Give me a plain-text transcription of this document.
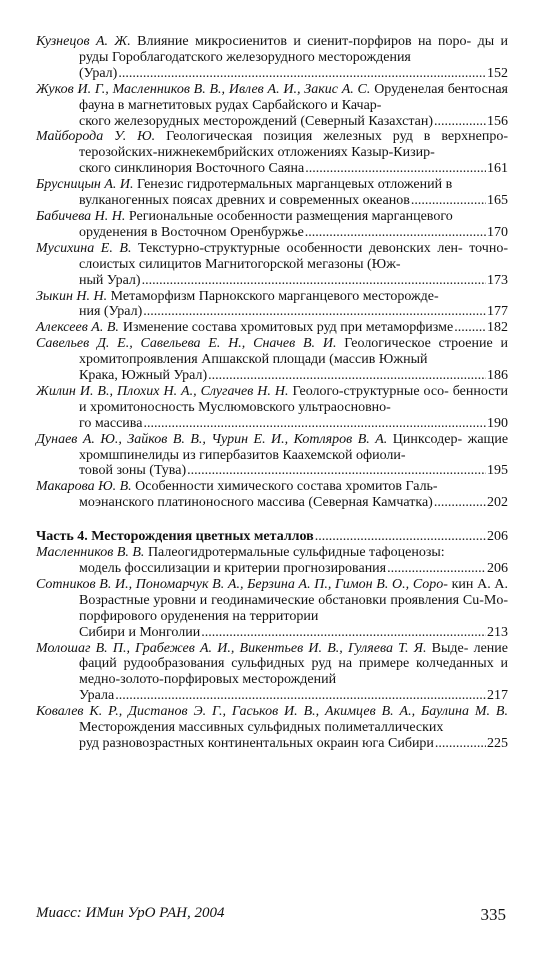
Кузнецов А. Ж. Влияние микросиенитов и сиенит-порфиров на поро- ды и руды Гороблагодатского железорудного месторождения
(Урал) .....	152
Жуков И. Г., Масленников В. В., Ивлев А. И., Закис А. С. Оруденелая бентосная фауна в магнетитовых рудах Сарбайского и Качар-
ского железорудных месторождений (Северный Казахстан) .....	156
Майборода У. Ю. Геологическая позиция железных руд в верхнепро- терозойских-нижнекембрийских отложениях Казыр-Кизир-
ского синклинория Восточного Саяна .....	161
Брусницын А. И. Генезис гидротермальных марганцевых отложений в
вулканогенных поясах древних и современных океанов .....	165
Бабичева Н. Н. Региональные особенности размещения марганцевого
оруденения в Восточном Оренбуржье .....	170
Мусихина Е. В. Текстурно-структурные особенности девонских лен- точно-слоистых силицитов Магнитогорской мегазоны (Юж-
ный Урал) .....	173
Зыкин Н. Н. Метаморфизм Парнокского марганцевого месторожде-
ния (Урал) .....	177
Алексеев А. В. Изменение состава хромитовых руд при метаморфизме ..... 182
Савельев Д. Е., Савельева Е. Н., Сначев В. И. Геологическое строение и хромитопроявления Апшакской площади (массив Южный
Крака, Южный Урал) .....	186
Жилин И. В., Плохих Н. А., Слугачев Н. Н. Геолого-структурные осо- бенности и хромитоносность Муслюмовского ультраосновно-
го массива .....	190
Дунаев А. Ю., Зайков В. В., Чурин Е. И., Котляров В. А. Цинксодер- жащие хромшпинелиды из гипербазитов Каахемской офиоли-
товой зоны (Тува) .....	195
Макарова Ю. В. Особенности химического состава хромитов Галь-
моэнанского платиноносного массива (Северная Камчатка) .....	202
Часть 4. Месторождения цветных металлов .....	206
Масленников В. В. Палеогидротермальные сульфидные тафоценозы:
модель фоссилизации и критерии прогнозирования .....	206
Сотников В. И., Пономарчук В. А., Берзина А. П., Гимон В. О., Соро- кин А. А. Возрастные уровни и геодинамические обстановки проявления Cu-Mo-порфирового оруденения на территории
Сибири и Монголии .....	213
Молошаг В. П., Грабежев А. И., Викентьев И. В., Гуляева Т. Я. Выде- ление фаций рудообразования сульфидных руд на примере колчеданных и медно-золото-порфировых месторождений
Урала .....	217
Ковалев К. Р., Дистанов Э. Г., Гаськов И. В., Акимцев В. А., Баулина М. В. Месторождения массивных сульфидных полиметаллических
руд разновозрастных континентальных окраин юга Сибири .....	225
Миасс: ИМин УрО РАН, 2004	335
